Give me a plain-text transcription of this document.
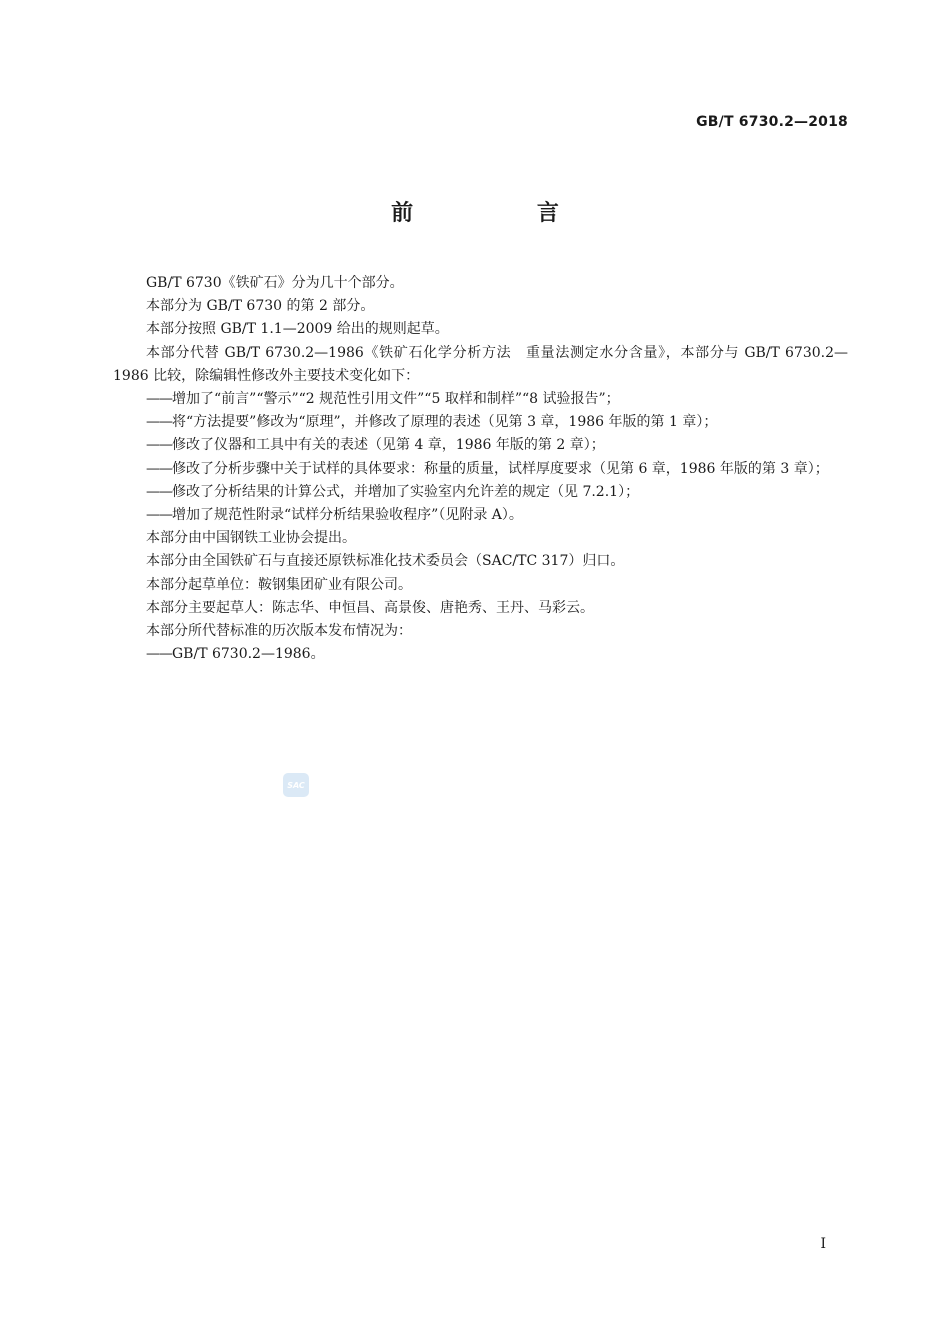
GB/T 6730.2—2018
前 言

GB/T 6730《铁矿石》分为几十个部分。

本部分为 GB/T 6730 的第 2 部分。

本部分按照 GB/T 1.1—2009 给出的规则起草。

本部分代替 GB/T 6730.2—1986《铁矿石化学分析方法　重量法测定水分含量》，本部分与 GB/T 6730.2—1986 比较，除编辑性修改外主要技术变化如下：

——增加了“前言”“警示”“2 规范性引用文件”“5 取样和制样”“8 试验报告”；

——将“方法提要”修改为“原理”，并修改了原理的表述（见第 3 章，1986 年版的第 1 章）；

——修改了仪器和工具中有关的表述（见第 4 章，1986 年版的第 2 章）；

——修改了分析步骤中关于试样的具体要求：称量的质量，试样厚度要求（见第 6 章，1986 年版的第 3 章）；

——修改了分析结果的计算公式，并增加了实验室内允许差的规定（见 7.2.1）；

——增加了规范性附录“试样分析结果验收程序”（见附录 A）。

本部分由中国钢铁工业协会提出。

本部分由全国铁矿石与直接还原铁标准化技术委员会（SAC/TC 317）归口。

本部分起草单位：鞍钢集团矿业有限公司。

本部分主要起草人：陈志华、申恒昌、高景俊、唐艳秀、王丹、马彩云。

本部分所代替标准的历次版本发布情况为：

——GB/T 6730.2—1986。

SAC
I
